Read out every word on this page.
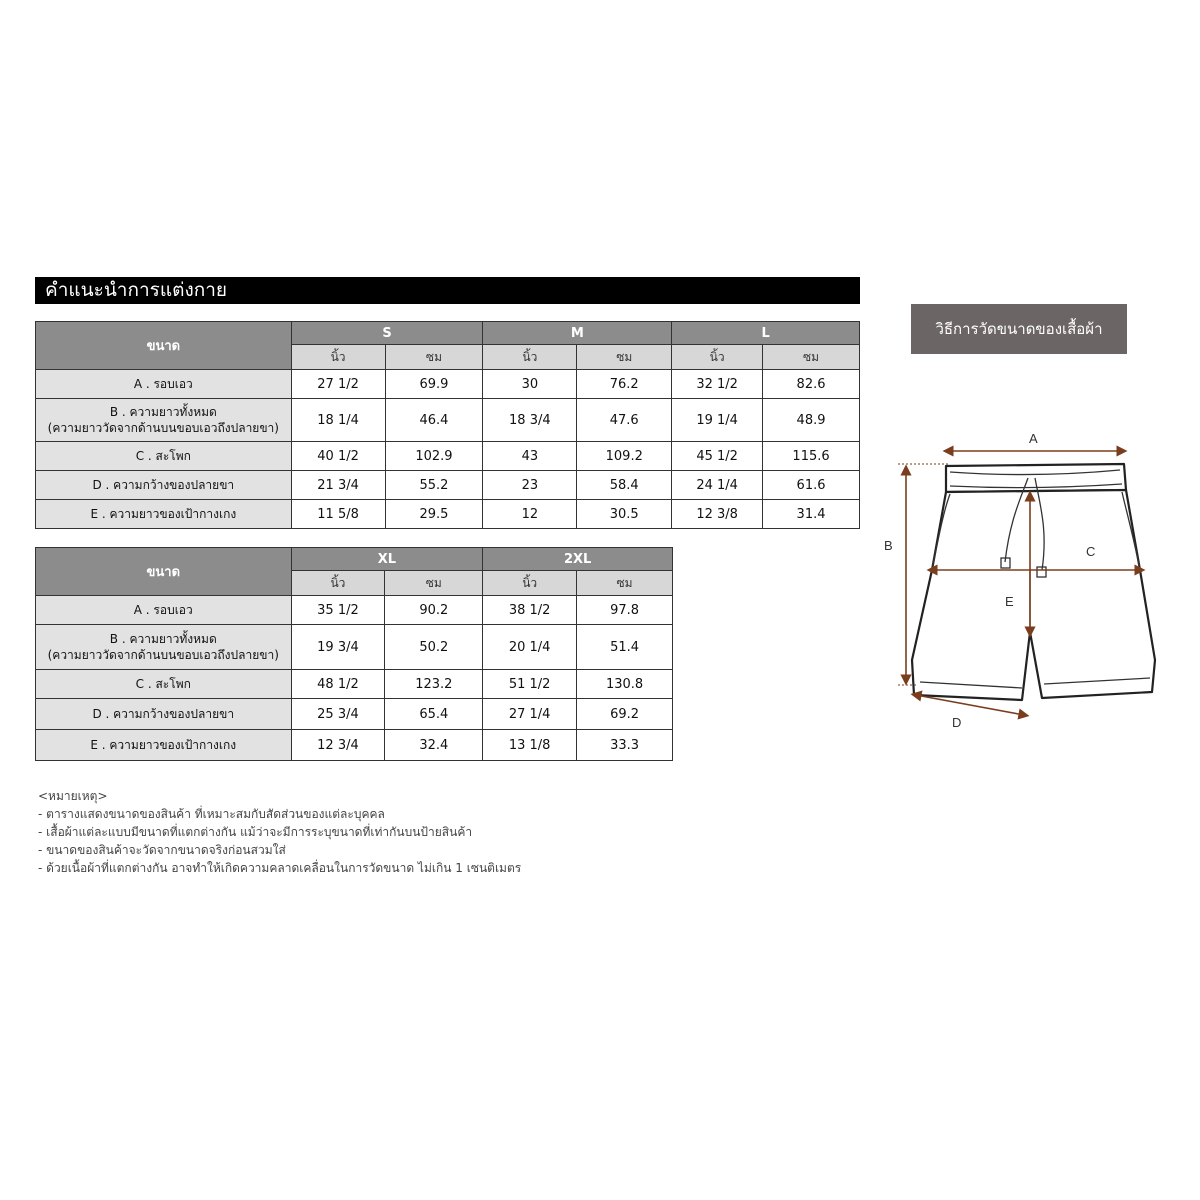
คำแนะนำการแต่งกาย
ขนาด	S		M		L	
	นิ้ว	ซม	นิ้ว	ซม	นิ้ว	ซม
A . รอบเอว	27 1/2	69.9	30	76.2	32 1/2	82.6

B . ความยาวทั้งหมด
(ความยาววัดจากด้านบนขอบเอวถึงปลายขา)	18 1/4	46.4	18 3/4	47.6	19 1/4	48.9
C . สะโพก	40 1/2	102.9	43	109.2	45 1/2	115.6
D . ความกว้างของปลายขา	21 3/4	55.2	23	58.4	24 1/4	61.6
E . ความยาวของเป้ากางเกง	11 5/8	29.5	12	30.5	12 3/8	31.4
ขนาด	XL		2XL	
	นิ้ว	ซม	นิ้ว	ซม
A . รอบเอว	35 1/2	90.2	38 1/2	97.8

B . ความยาวทั้งหมด
(ความยาววัดจากด้านบนขอบเอวถึงปลายขา)	19 3/4	50.2	20 1/4	51.4
C . สะโพก	48 1/2	123.2	51 1/2	130.8
D . ความกว้างของปลายขา	25 3/4	65.4	27 1/4	69.2
E . ความยาวของเป้ากางเกง	12 3/4	32.4	13 1/8	33.3
<หมายเหตุ>
- ตารางแสดงขนาดของสินค้า ที่เหมาะสมกับสัดส่วนของแต่ละบุคคล
- เสื้อผ้าแต่ละแบบมีขนาดที่แตกต่างกัน แม้ว่าจะมีการระบุขนาดที่เท่ากันบนป้ายสินค้า
- ขนาดของสินค้าจะวัดจากขนาดจริงก่อนสวมใส่
- ด้วยเนื้อผ้าที่แตกต่างกัน อาจทำให้เกิดความคลาดเคลื่อนในการวัดขนาด ไม่เกิน 1 เซนติเมตร
วิธีการวัดขนาดของเสื้อผ้า
A
B	C
D
E
